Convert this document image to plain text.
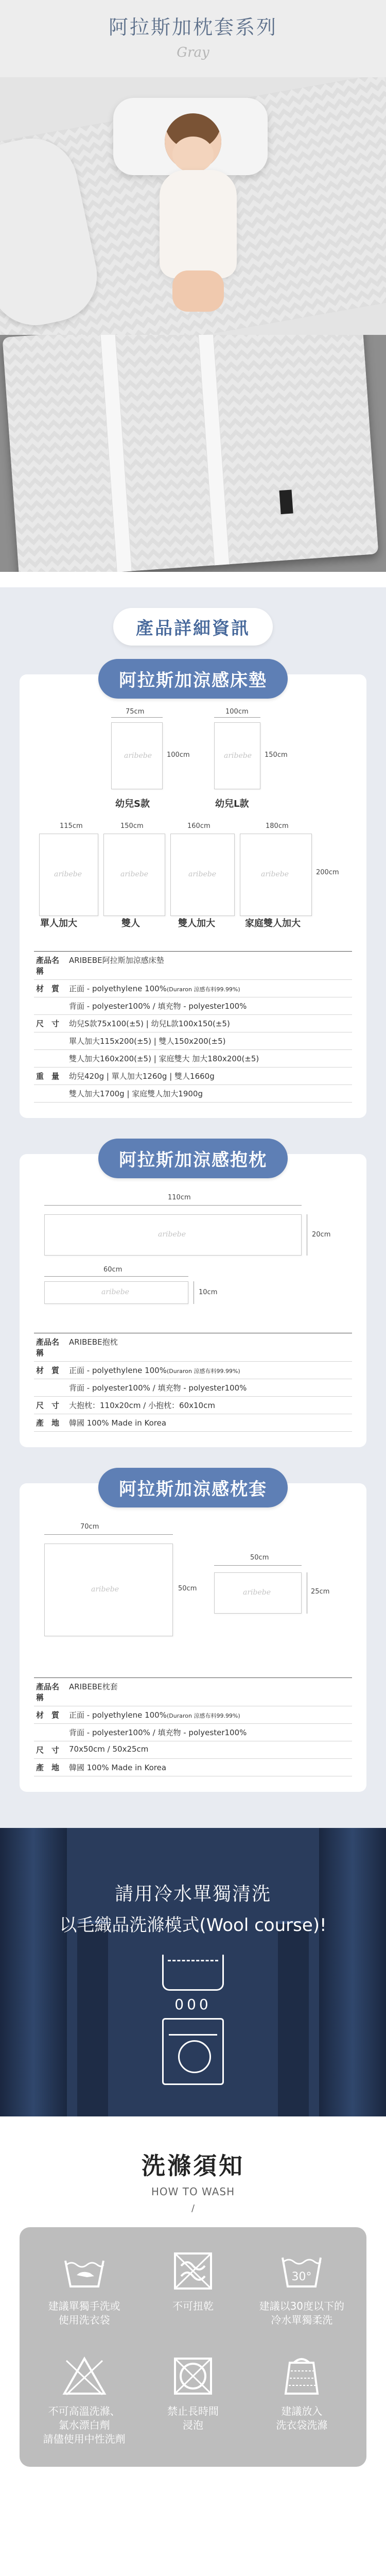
阿拉斯加枕套系列
Gray
產品詳細資訊
阿拉斯加涼感床墊
75cm
aribebe 100cm
幼兒S款
100cm
aribebe 150cm
幼兒L款
115cm
aribebe
單人加大
150cm
aribebe
雙人
160cm
aribebe
雙人加大
180cm
aribebe	200cm
家庭雙人加大
產品名稱	ARIBEBE阿拉斯加涼感床墊
材　質	正面 - polyethylene 100%(Duraron 涼感布料99.99%)
	背面 - polyester100% / 填充物 - polyester100%
尺　寸	幼兒S款75x100(±5) | 幼兒L款100x150(±5)
	單人加大115x200(±5) | 雙人150x200(±5)
	雙人加大160x200(±5) | 家庭雙大 加大180x200(±5)
重　量	幼兒420g | 單人加大1260g | 雙人1660g
	雙人加大1700g | 家庭雙人加大1900g
阿拉斯加涼感抱枕
110cm
aribebe	20cm
60cm
aribebe	10cm
產品名稱	ARIBEBE抱枕
材　質	正面 - polyethylene 100%(Duraron 涼感布料99.99%)
	背面 - polyester100% / 填充物 - polyester100%
尺　寸	大抱枕：110x20cm / 小抱枕：60x10cm
產　地	韓國 100% Made in Korea
阿拉斯加涼感枕套
70cm
aribebe	50cm
50cm
aribebe	25cm
產品名稱	ARIBEBE枕套
材　質	正面 - polyethylene 100%(Duraron 涼感布料99.99%)
	背面 - polyester100% / 填充物 - polyester100%
尺　寸	70x50cm / 50x25cm
產　地	韓國 100% Made in Korea
請用冷水單獨清洗
以毛織品洗滌模式(Wool course)!
000
洗滌須知
HOW TO WASH
/
建議單獨手洗或
使用洗衣袋
不可扭乾
30°
建議以30度以下的
冷水單獨柔洗
不可高溫洗滌、
氯水漂白劑
請儘使用中性洗劑
禁止長時間
浸泡
建議放入
洗衣袋洗滌
